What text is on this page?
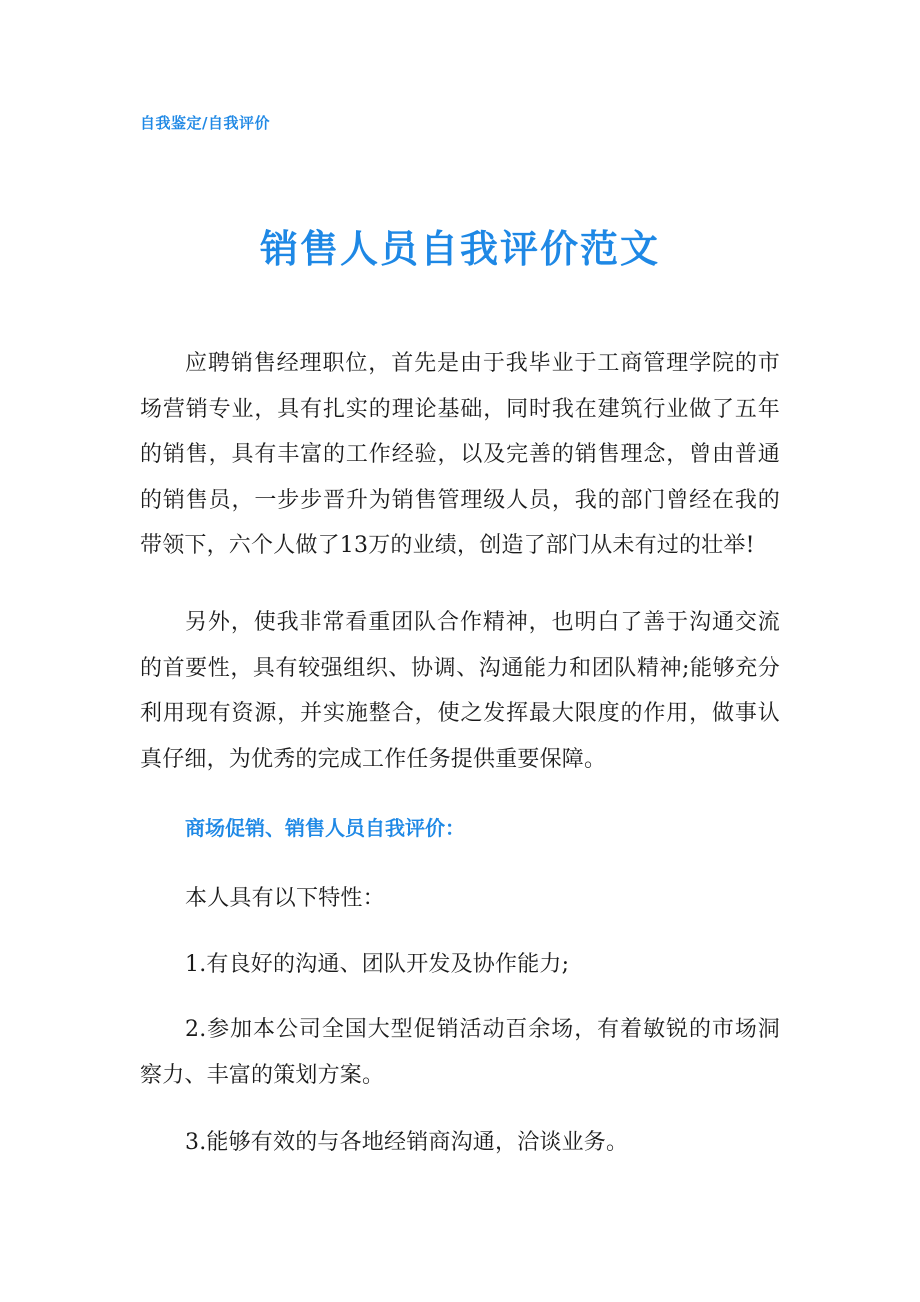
自我鉴定/自我评价
销售人员自我评价范文

应聘销售经理职位，首先是由于我毕业于工商管理学院的市场营销专业，具有扎实的理论基础，同时我在建筑行业做了五年的销售，具有丰富的工作经验，以及完善的销售理念，曾由普通的销售员，一步步晋升为销售管理级人员，我的部门曾经在我的带领下，六个人做了13万的业绩，创造了部门从未有过的壮举!

另外，使我非常看重团队合作精神，也明白了善于沟通交流的首要性，具有较强组织、协调、沟通能力和团队精神;能够充分利用现有资源，并实施整合，使之发挥最大限度的作用，做事认真仔细，为优秀的完成工作任务提供重要保障。

商场促销、销售人员自我评价：

本人具有以下特性：

1.有良好的沟通、团队开发及协作能力;

2.参加本公司全国大型促销活动百余场，有着敏锐的市场洞察力、丰富的策划方案。

3.能够有效的与各地经销商沟通，洽谈业务。
